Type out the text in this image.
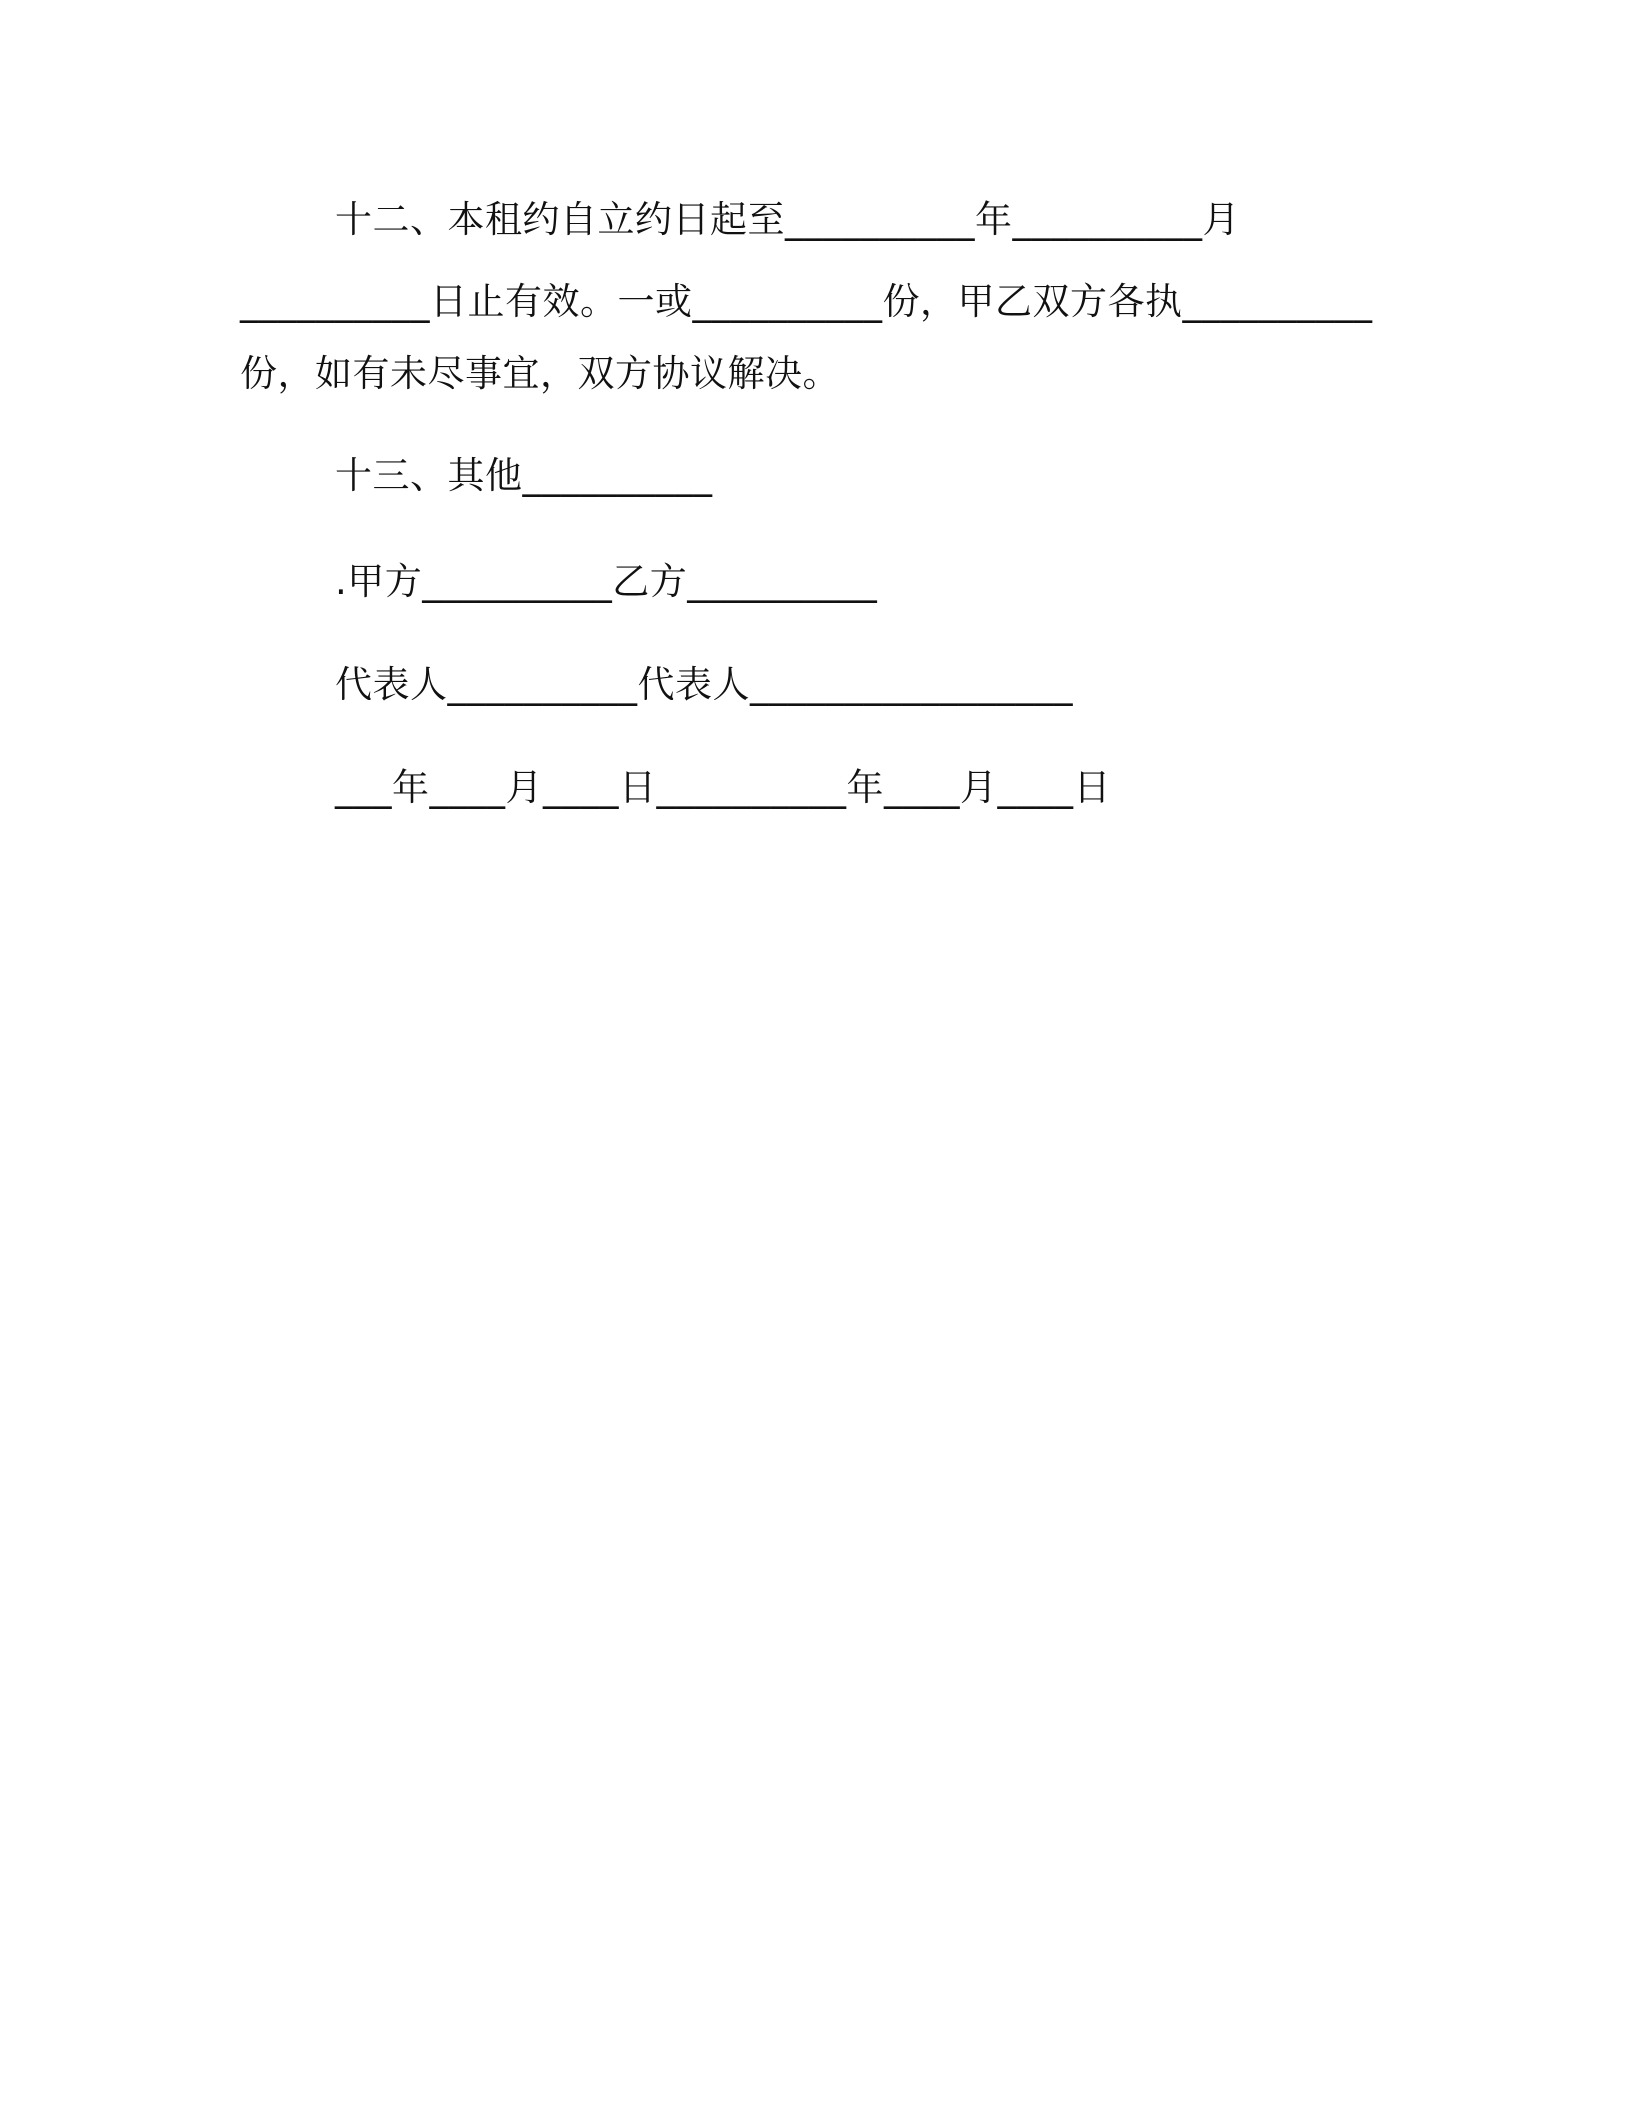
十二、本租约自立约日起至__________年__________月
__________日止有效。一或__________份，甲乙双方各执__________
份，如有未尽事宜，双方协议解决。
十三、其他__________
.甲方__________乙方__________
代表人__________代表人_________________
___年____月____日__________年____月____日
